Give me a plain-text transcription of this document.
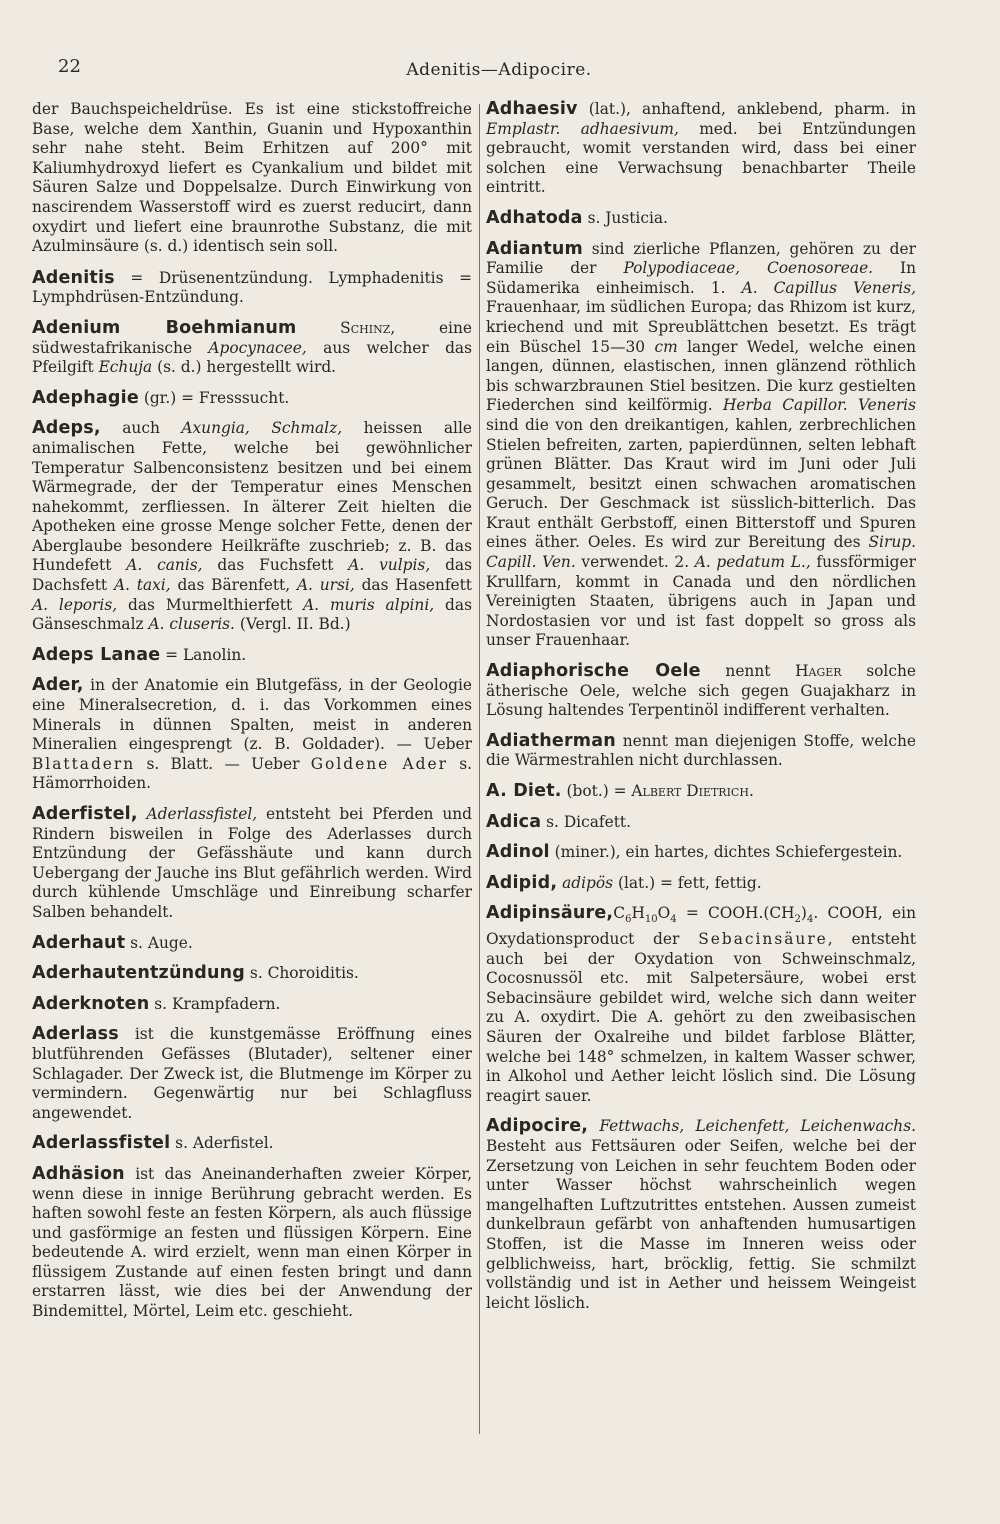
22	Adenitis—Adipocire.

der Bauchspeicheldrüse. Es ist eine stickstoffreiche Base, welche dem Xanthin, Guanin und Hypoxanthin sehr nahe steht. Beim Erhitzen auf 200° mit Kaliumhydroxyd liefert es Cyankalium und bildet mit Säuren Salze und Doppelsalze. Durch Einwirkung von nascirendem Wasserstoff wird es zuerst reducirt, dann oxydirt und liefert eine braunrothe Substanz, die mit Azulminsäure (s. d.) identisch sein soll.

Adenitis = Drüsenentzündung. Lymphadenitis = Lymphdrüsen-Entzündung.

Adenium Boehmianum Schinz, eine südwestafrikanische Apocynacee, aus welcher das Pfeilgift Echuja (s. d.) hergestellt wird.

Adephagie (gr.) = Fresssucht.

Adeps, auch Axungia, Schmalz, heissen alle animalischen Fette, welche bei gewöhnlicher Temperatur Salbenconsistenz besitzen und bei einem Wärmegrade, der der Temperatur eines Menschen nahekommt, zerfliessen. In älterer Zeit hielten die Apotheken eine grosse Menge solcher Fette, denen der Aberglaube besondere Heilkräfte zuschrieb; z. B. das Hundefett A. canis, das Fuchsfett A. vulpis, das Dachsfett A. taxi, das Bärenfett, A. ursi, das Hasenfett A. leporis, das Murmelthierfett A. muris alpini, das Gänseschmalz A. cluseris. (Vergl. II. Bd.)

Adeps Lanae = Lanolin.

Ader, in der Anatomie ein Blutgefäss, in der Geologie eine Mineralsecretion, d. i. das Vorkommen eines Minerals in dünnen Spalten, meist in anderen Mineralien eingesprengt (z. B. Goldader). — Ueber Blattadern s. Blatt. — Ueber Goldene Ader s. Hämorrhoiden.

Aderfistel, Aderlassfistel, entsteht bei Pferden und Rindern bisweilen in Folge des Aderlasses durch Entzündung der Gefässhäute und kann durch Uebergang der Jauche ins Blut gefährlich werden. Wird durch kühlende Umschläge und Einreibung scharfer Salben behandelt.

Aderhaut s. Auge.

Aderhautentzündung s. Choroiditis.

Aderknoten s. Krampfadern.

Aderlass ist die kunstgemässe Eröffnung eines blutführenden Gefässes (Blutader), seltener einer Schlagader. Der Zweck ist, die Blutmenge im Körper zu vermindern. Gegenwärtig nur bei Schlagfluss angewendet.

Aderlassfistel s. Aderfistel.

Adhäsion ist das Aneinanderhaften zweier Körper, wenn diese in innige Berührung gebracht werden. Es haften sowohl feste an festen Körpern, als auch flüssige und gasförmige an festen und flüssigen Körpern. Eine bedeutende A. wird erzielt, wenn man einen Körper in flüssigem Zustande auf einen festen bringt und dann erstarren lässt, wie dies bei der Anwendung der Bindemittel, Mörtel, Leim etc. geschieht.

Adhaesiv (lat.), anhaftend, anklebend, pharm. in Emplastr. adhaesivum, med. bei Entzündungen gebraucht, womit verstanden wird, dass bei einer solchen eine Verwachsung benachbarter Theile eintritt.

Adhatoda s. Justicia.

Adiantum sind zierliche Pflanzen, gehören zu der Familie der Polypodiaceae, Coenosoreae. In Südamerika einheimisch. 1. A. Capillus Veneris, Frauenhaar, im südlichen Europa; das Rhizom ist kurz, kriechend und mit Spreublättchen besetzt. Es trägt ein Büschel 15—30 cm langer Wedel, welche einen langen, dünnen, elastischen, innen glänzend röthlich bis schwarzbraunen Stiel besitzen. Die kurz gestielten Fiederchen sind keilförmig. Herba Capillor. Veneris sind die von den dreikantigen, kahlen, zerbrechlichen Stielen befreiten, zarten, papierdünnen, selten lebhaft grünen Blätter. Das Kraut wird im Juni oder Juli gesammelt, besitzt einen schwachen aromatischen Geruch. Der Geschmack ist süsslich-bitterlich. Das Kraut enthält Gerbstoff, einen Bitterstoff und Spuren eines äther. Oeles. Es wird zur Bereitung des Sirup. Capill. Ven. verwendet. 2. A. pedatum L., fussförmiger Krullfarn, kommt in Canada und den nördlichen Vereinigten Staaten, übrigens auch in Japan und Nordostasien vor und ist fast doppelt so gross als unser Frauenhaar.

Adiaphorische Oele nennt Hager solche ätherische Oele, welche sich gegen Guajakharz in Lösung haltendes Terpentinöl indifferent verhalten.

Adiatherman nennt man diejenigen Stoffe, welche die Wärmestrahlen nicht durchlassen.

A. Diet. (bot.) = Albert Dietrich.

Adica s. Dicafett.

Adinol (miner.), ein hartes, dichtes Schiefergestein.

Adipid, adipös (lat.) = fett, fettig.

$Adipinsäure,C_6H_{10}O_4$ = $COOH.(CH_2)_4$. COOH, ein Oxydationsproduct der Sebacinsäure, entsteht auch bei der Oxydation von Schweinschmalz, Cocosnussöl etc. mit Salpetersäure, wobei erst Sebacinsäure gebildet wird, welche sich dann weiter zu A. oxydirt. Die A. gehört zu den zweibasischen Säuren der Oxalreihe und bildet farblose Blätter, welche bei 148° schmelzen, in kaltem Wasser schwer, in Alkohol und Aether leicht löslich sind. Die Lösung reagirt sauer.

Adipocire, Fettwachs, Leichenfett, Leichenwachs. Besteht aus Fettsäuren oder Seifen, welche bei der Zersetzung von Leichen in sehr feuchtem Boden oder unter Wasser höchst wahrscheinlich wegen mangelhaften Luftzutrittes entstehen. Aussen zumeist dunkelbraun gefärbt von anhaftenden humusartigen Stoffen, ist die Masse im Inneren weiss oder gelblichweiss, hart, bröcklig, fettig. Sie schmilzt vollständig und ist in Aether und heissem Weingeist leicht löslich.
